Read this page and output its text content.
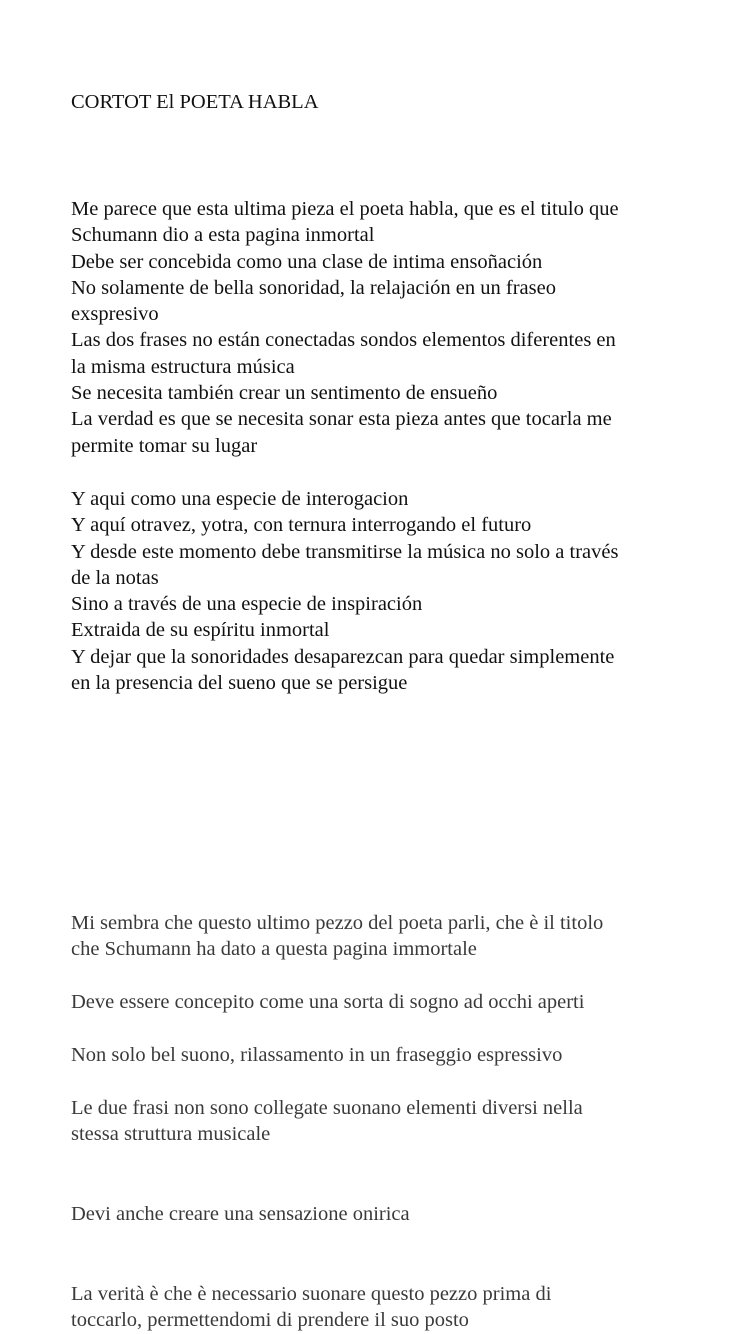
CORTOT El POETA HABLA
Me parece que esta ultima pieza el poeta habla, que es el titulo que
Schumann dio a esta pagina inmortal
Debe ser concebida como una clase de intima ensoñación
No solamente de bella sonoridad, la relajación en un fraseo
exspresivo
Las dos frases no están conectadas sondos elementos diferentes en
la misma estructura música
Se necesita también crear un sentimento de ensueño
La verdad es que se necesita sonar esta pieza antes que tocarla me
permite tomar su lugar
Y aqui como una especie de interogacion
Y aquí otravez, yotra, con ternura interrogando el futuro
Y desde este momento debe transmitirse la música no solo a través
de la notas
Sino a través de una especie de inspiración
Extraida de su espíritu inmortal
Y dejar que la sonoridades desaparezcan para quedar simplemente
en la presencia del sueno que se persigue
Mi sembra che questo ultimo pezzo del poeta parli, che è il titolo
che Schumann ha dato a questa pagina immortale
Deve essere concepito come una sorta di sogno ad occhi aperti
Non solo bel suono, rilassamento in un fraseggio espressivo
Le due frasi non sono collegate suonano elementi diversi nella
stessa struttura musicale
Devi anche creare una sensazione onirica
La verità è che è necessario suonare questo pezzo prima di
toccarlo, permettendomi di prendere il suo posto
